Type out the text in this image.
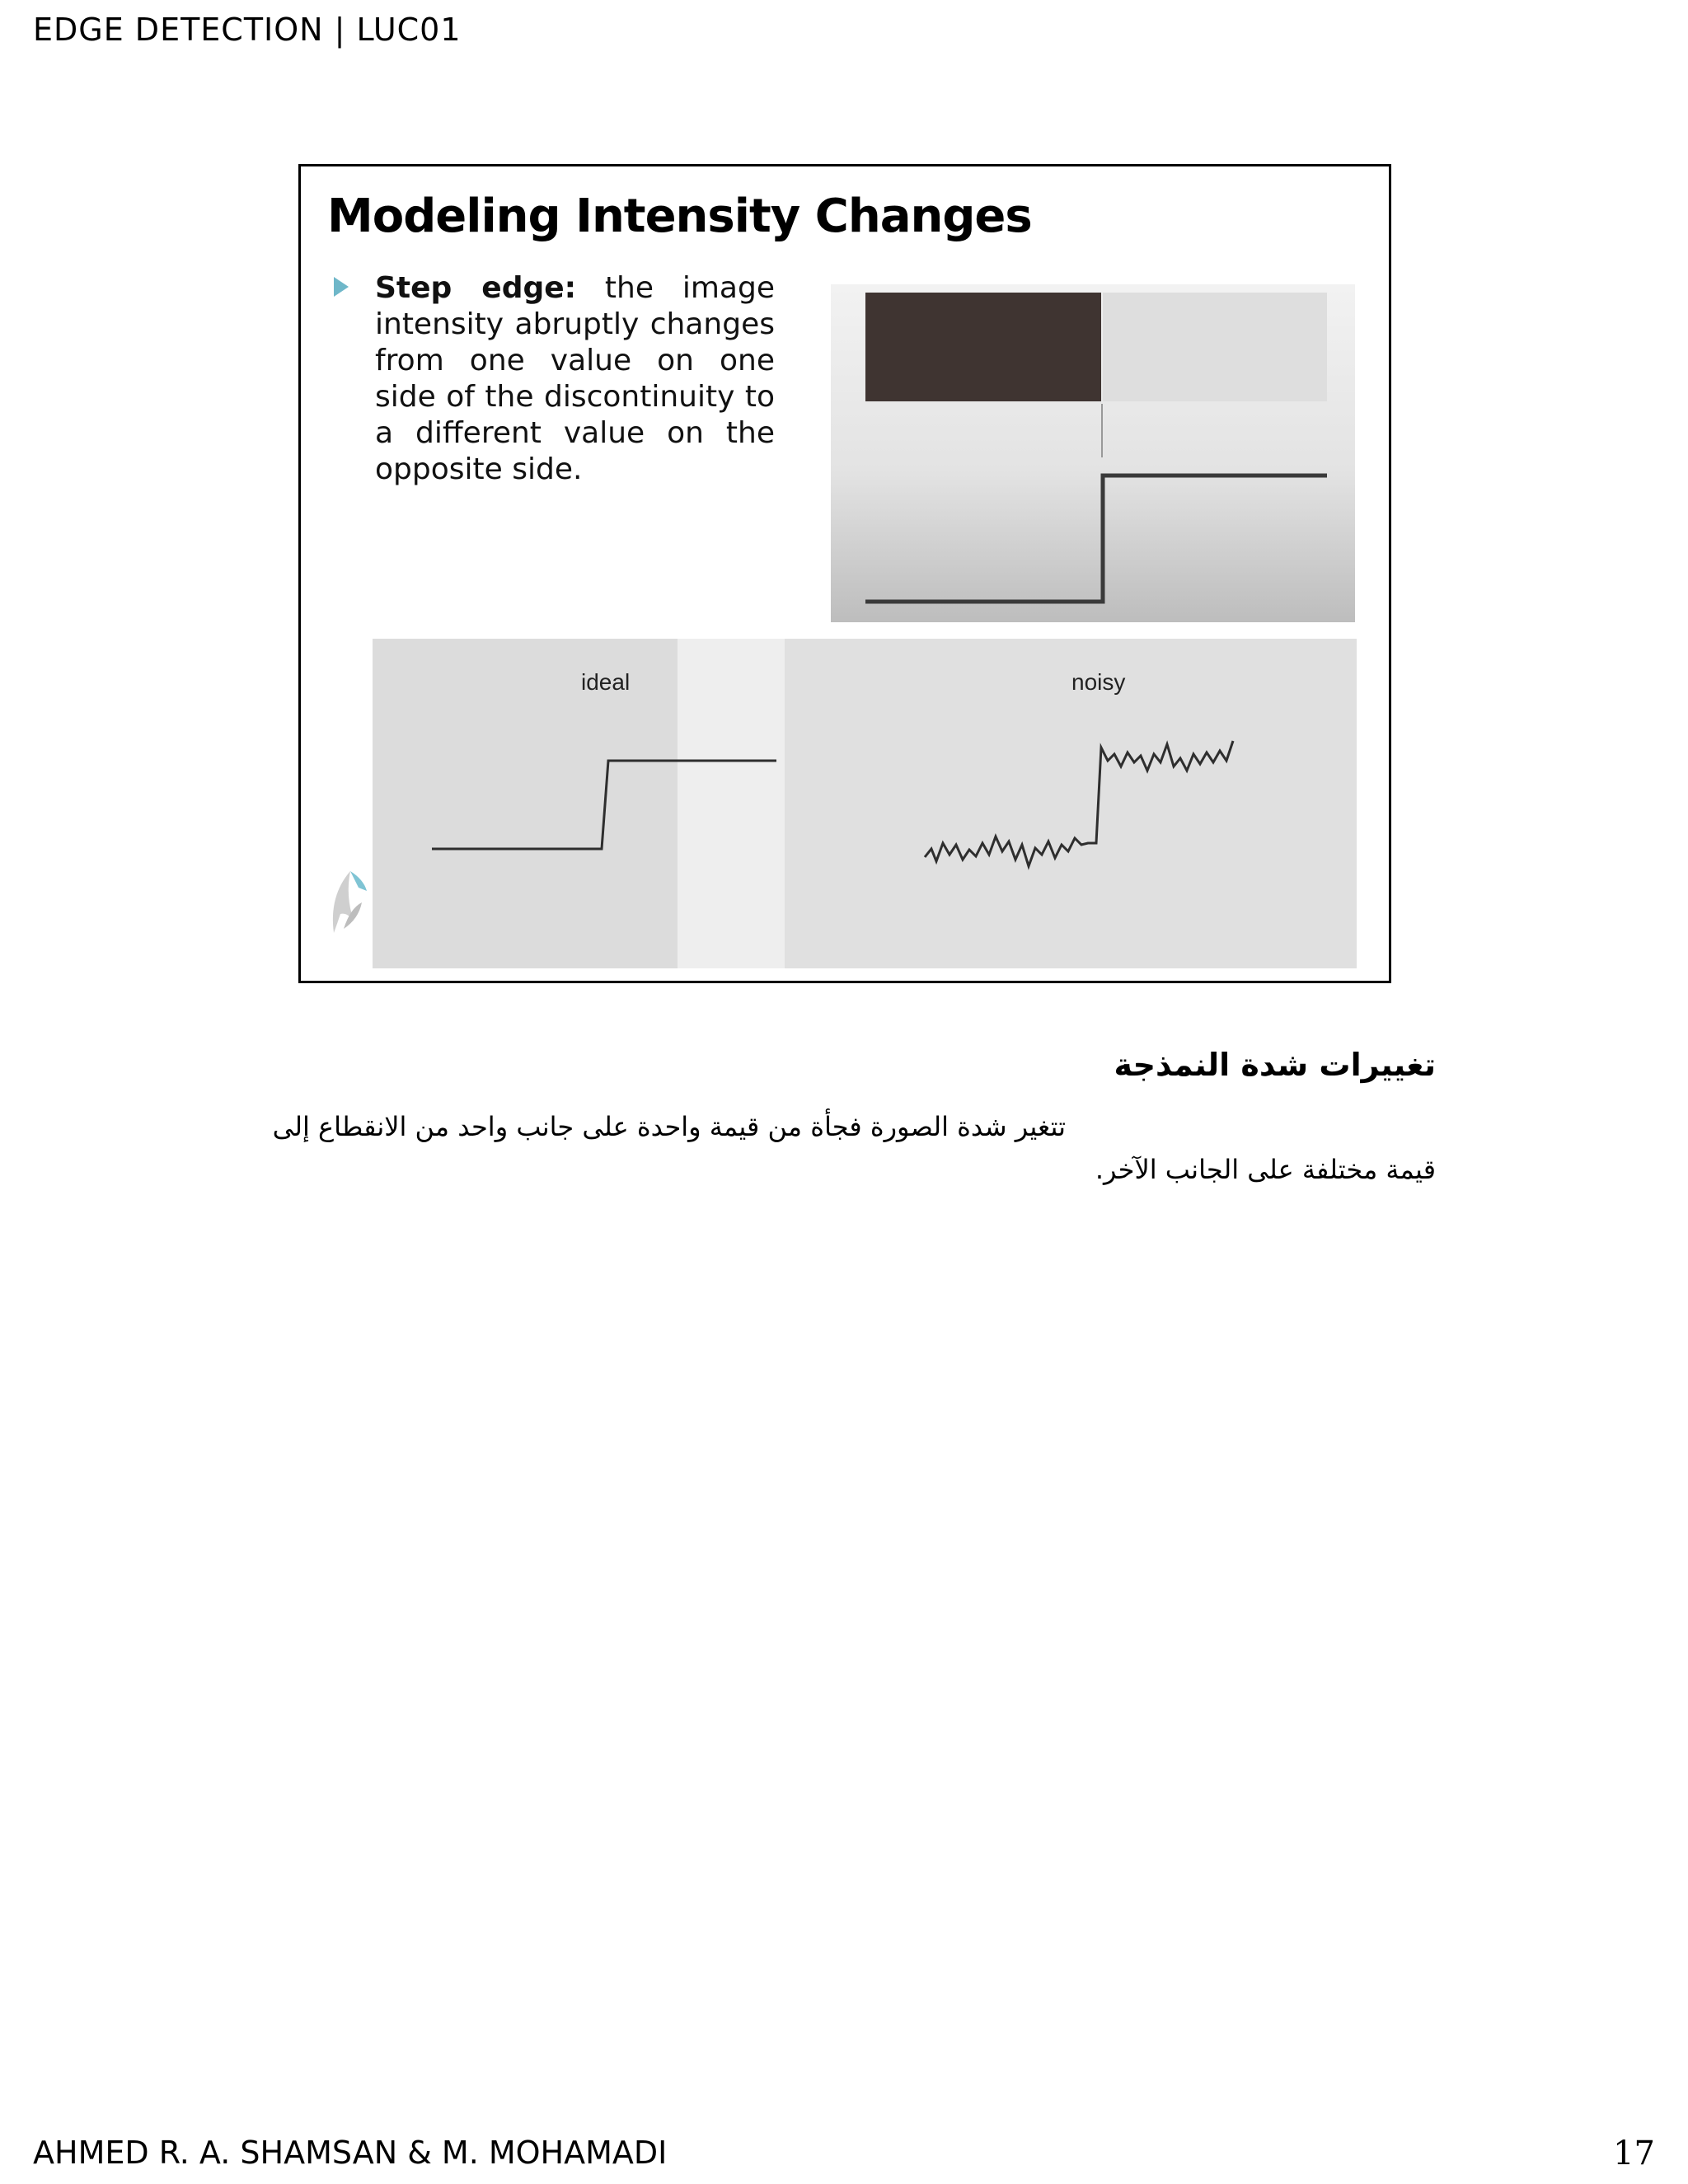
EDGE DETECTION | LUC01
Modeling Intensity Changes
Step edge: the image intensity abruptly changes from one value on one side of the discontinuity to a different value on the opposite side.
ideal	noisy
تغييرات شدة النمذجة
تتغير شدة الصورة فجأة من قيمة واحدة على جانب واحد من الانقطاع إلى
قيمة مختلفة على الجانب الآخر.
AHMED R. A. SHAMSAN & M. MOHAMADI	17
